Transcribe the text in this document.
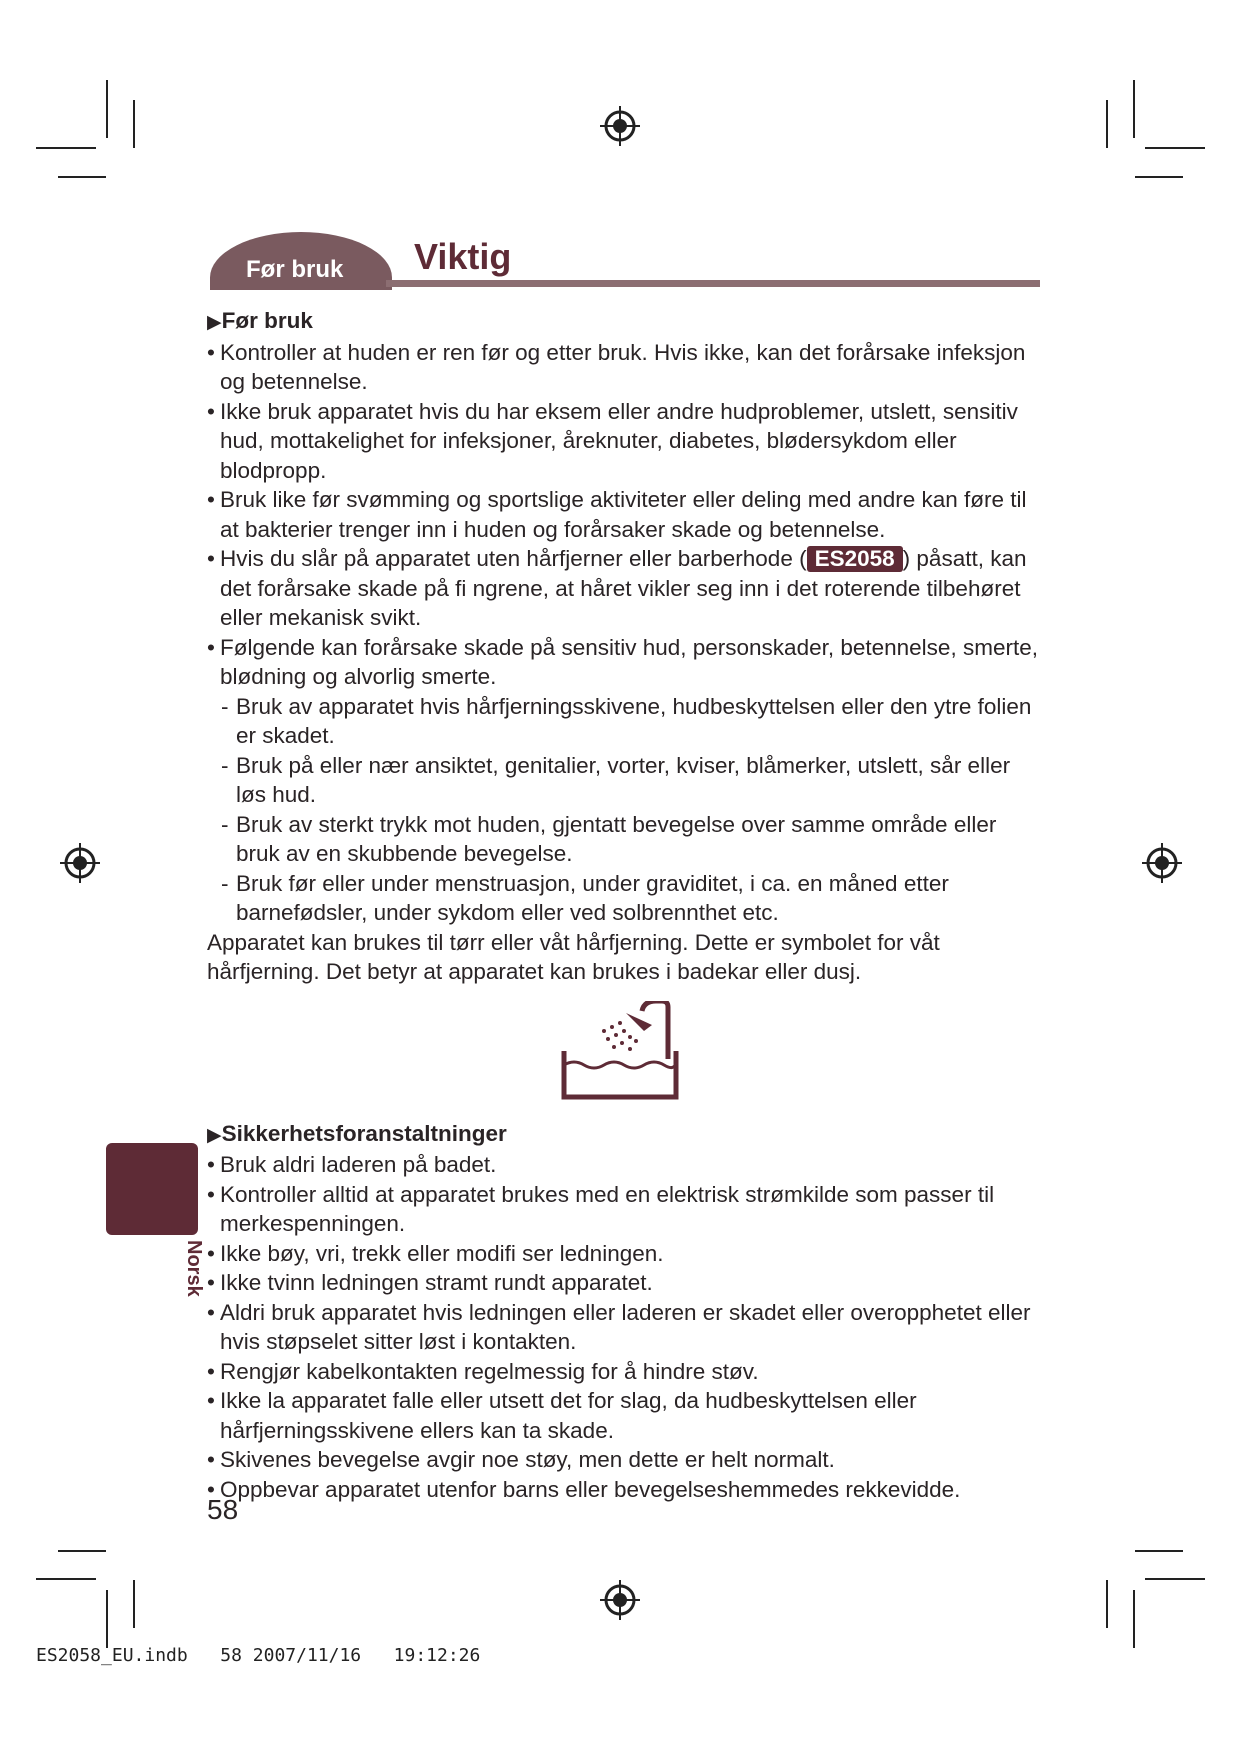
Før bruk Viktig

▶Før bruk

• Kontroller at huden er ren før og etter bruk. Hvis ikke, kan det forårsake infeksjon og betennelse.
• Ikke bruk apparatet hvis du har eksem eller andre hudproblemer, utslett, sensitiv hud, mottakelighet for infeksjoner, åreknuter, diabetes, blødersykdom eller blodpropp.
• Bruk like før svømming og sportslige aktiviteter eller deling med andre kan føre til at bakterier trenger inn i huden og forårsaker skade og betennelse.
• Hvis du slår på apparatet uten hårfjerner eller barberhode ( ES2058 ) påsatt, kan det forårsake skade på fi ngrene, at håret vikler seg inn i det roterende tilbehøret eller mekanisk svikt.
• Følgende kan forårsake skade på sensitiv hud, personskader, betennelse, smerte, blødning og alvorlig smerte.
- Bruk av apparatet hvis hårfjerningsskivene, hudbeskyttelsen eller den ytre folien er skadet.
- Bruk på eller nær ansiktet, genitalier, vorter, kviser, blåmerker, utslett, sår eller løs hud.
- Bruk av sterkt trykk mot huden, gjentatt bevegelse over samme område eller bruk av en skubbende bevegelse.
- Bruk før eller under menstruasjon, under graviditet, i ca. en måned etter barnefødsler, under sykdom eller ved solbrennthet etc.

Apparatet kan brukes til tørr eller våt hårfjerning. Dette er symbolet for våt hårfjerning. Det betyr at apparatet kan brukes i badekar eller dusj.

▶Sikkerhetsforanstaltninger

• Bruk aldri laderen på badet.
• Kontroller alltid at apparatet brukes med en elektrisk strømkilde som passer til merkespenningen.
• Ikke bøy, vri, trekk eller modifi ser ledningen.
• Ikke tvinn ledningen stramt rundt apparatet.
• Aldri bruk apparatet hvis ledningen eller laderen er skadet eller overopphetet eller hvis støpselet sitter løst i kontakten.
• Rengjør kabelkontakten regelmessig for å hindre støv.
• Ikke la apparatet falle eller utsett det for slag, da hudbeskyttelsen eller hårfjerningsskivene ellers kan ta skade.
• Skivenes bevegelse avgir noe støy, men dette er helt normalt.
• Oppbevar apparatet utenfor barns eller bevegelseshemmedes rekkevidde.
Norsk
58
ES2058_EU.indb 58 2007/11/16 19:12:26
